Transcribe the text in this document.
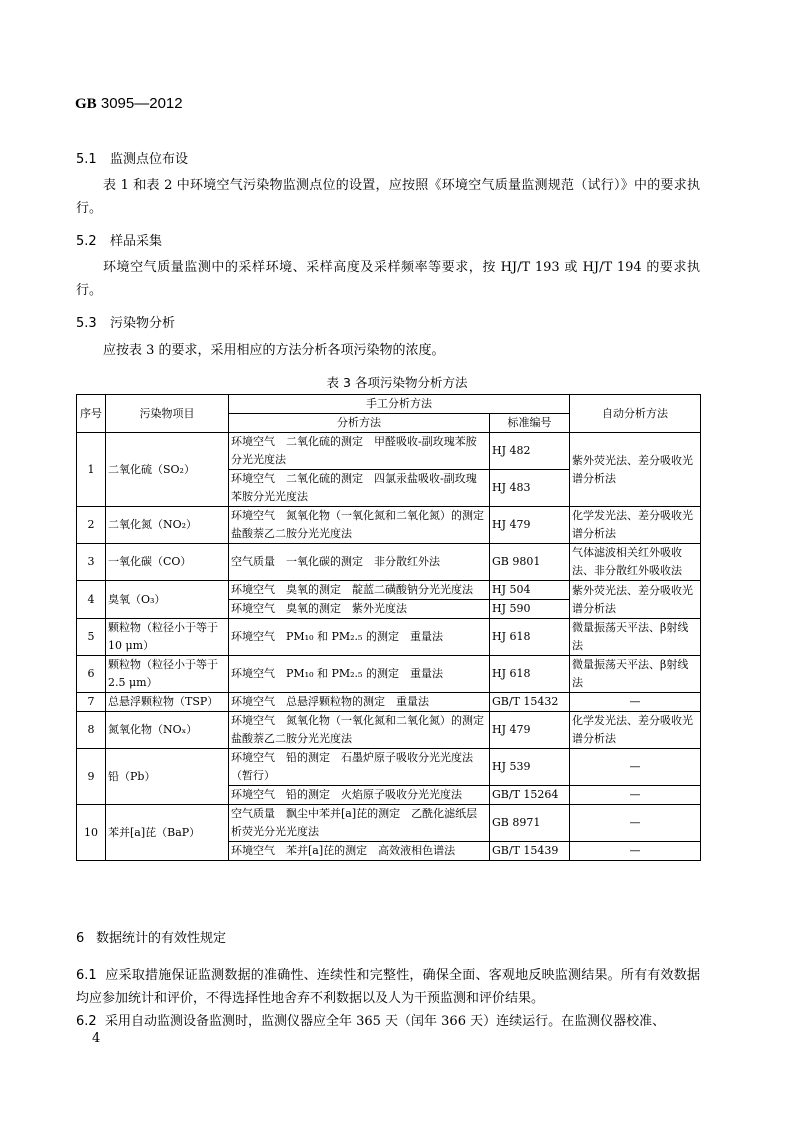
GB 3095—2012
5.1 监测点位布设

表 1 和表 2 中环境空气污染物监测点位的设置，应按照《环境空气质量监测规范（试行）》中的要求执行。

5.2 样品采集

环境空气质量监测中的采样环境、采样高度及采样频率等要求，按 HJ/T 193 或 HJ/T 194 的要求执行。

5.3 污染物分析

应按表 3 的要求，采用相应的方法分析各项污染物的浓度。

表 3 各项污染物分析方法
序号	污染物项目	手工分析方法		自动分析方法
		分析方法	标准编号	
1	二氧化硫（SO₂）	环境空气　二氧化硫的测定　甲醛吸收-副玫瑰苯胺分光光度法	HJ 482	紫外荧光法、差分吸收光谱分析法
		环境空气　二氧化硫的测定　四氯汞盐吸收-副玫瑰苯胺分光光度法	HJ 483	
2	二氧化氮（NO₂）	环境空气　氮氧化物（一氧化氮和二氧化氮）的测定　盐酸萘乙二胺分光光度法	HJ 479	化学发光法、差分吸收光谱分析法
3	一氧化碳（CO）	空气质量　一氧化碳的测定　非分散红外法	GB 9801	气体滤波相关红外吸收法、非分散红外吸收法
4	臭氧（O₃）	环境空气　臭氧的测定　靛蓝二磺酸钠分光光度法	HJ 504	紫外荧光法、差分吸收光谱分析法
		环境空气　臭氧的测定　紫外光度法	HJ 590	
5	颗粒物（粒径小于等于 10 μm）	环境空气　PM₁₀ 和 PM₂.₅ 的测定　重量法	HJ 618	微量振荡天平法、β射线法
6	颗粒物（粒径小于等于 2.5 μm）	环境空气　PM₁₀ 和 PM₂.₅ 的测定　重量法	HJ 618	微量振荡天平法、β射线法
7	总悬浮颗粒物（TSP）	环境空气　总悬浮颗粒物的测定　重量法	GB/T 15432	—
8	氮氧化物（NOₓ）	环境空气　氮氧化物（一氧化氮和二氧化氮）的测定　盐酸萘乙二胺分光光度法	HJ 479	化学发光法、差分吸收光谱分析法
9	铅（Pb）	环境空气　铅的测定　石墨炉原子吸收分光光度法（暂行）	HJ 539	—
		环境空气　铅的测定　火焰原子吸收分光光度法	GB/T 15264	—
10	苯并[a]芘（BaP）	空气质量　飘尘中苯并[a]芘的测定　乙酰化滤纸层析荧光分光光度法	GB 8971	—
		环境空气　苯并[a]芘的测定　高效液相色谱法	GB/T 15439	—
6 数据统计的有效性规定

6.1 应采取措施保证监测数据的准确性、连续性和完整性，确保全面、客观地反映监测结果。所有有效数据均应参加统计和评价，不得选择性地舍弃不利数据以及人为干预监测和评价结果。

6.2 采用自动监测设备监测时，监测仪器应全年 365 天（闰年 366 天）连续运行。在监测仪器校准、

4
